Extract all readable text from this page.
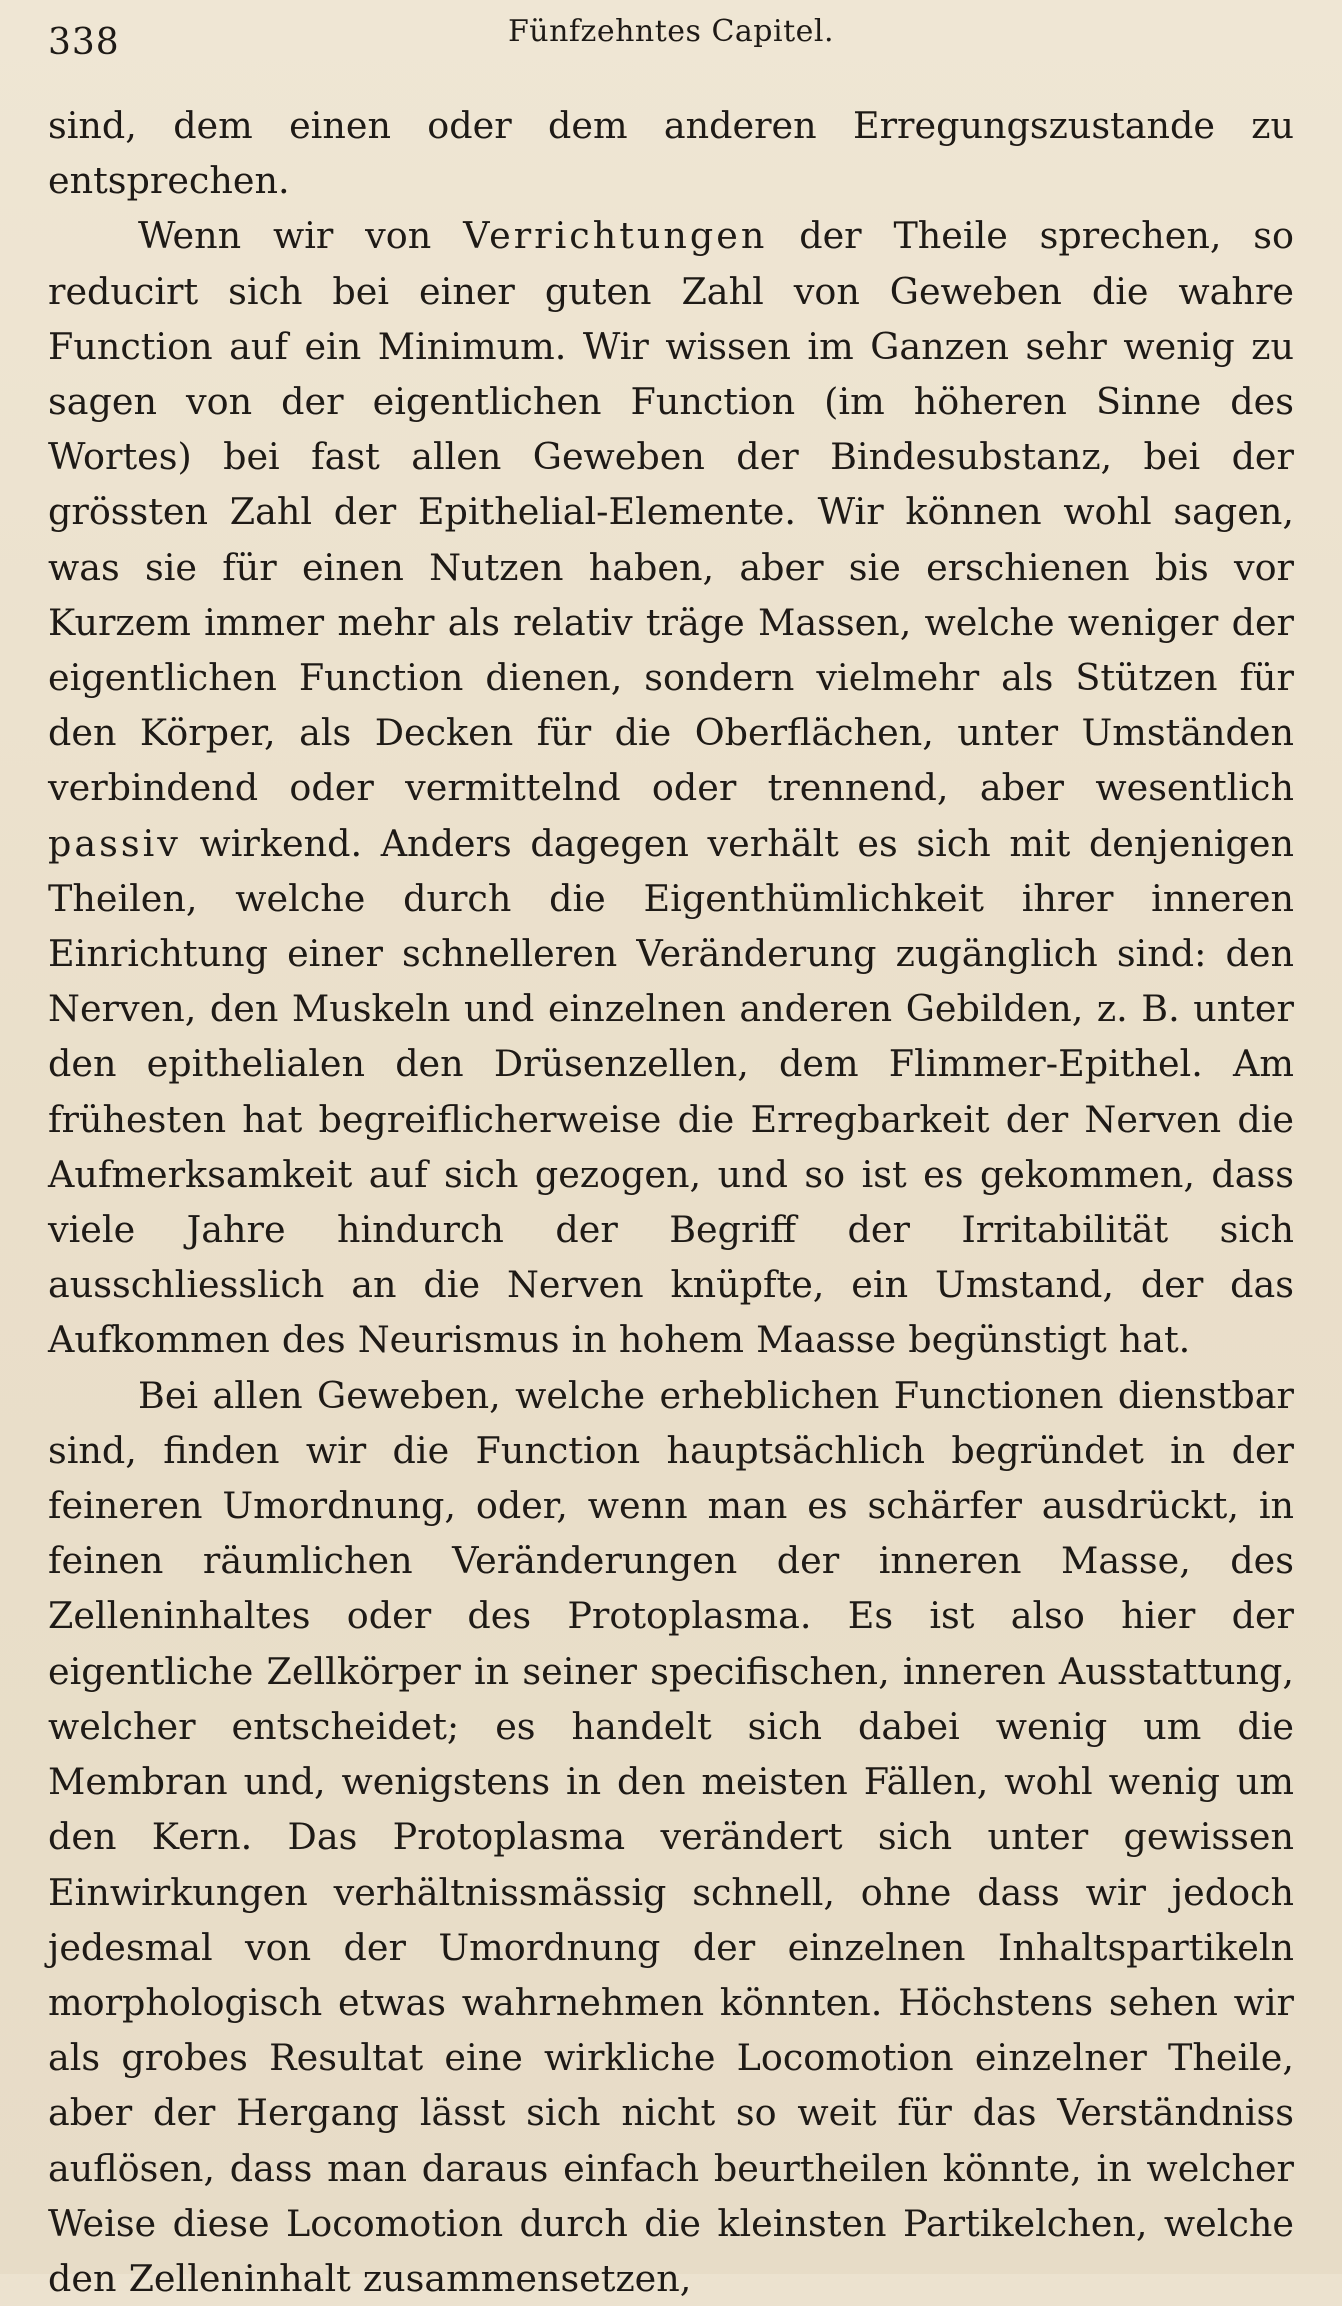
338	Fünfzehntes Capitel.

sind, dem einen oder dem anderen Erregungszustande zu entsprechen.

Wenn wir von Verrichtungen der Theile sprechen, so reducirt sich bei einer guten Zahl von Geweben die wahre Function auf ein Minimum. Wir wissen im Ganzen sehr wenig zu sagen von der eigentlichen Function (im höheren Sinne des Wortes) bei fast allen Geweben der Bindesubstanz, bei der grössten Zahl der Epithelial-Elemente. Wir können wohl sagen, was sie für einen Nutzen haben, aber sie erschienen bis vor Kurzem immer mehr als relativ träge Massen, welche weniger der eigentlichen Function dienen, sondern vielmehr als Stützen für den Körper, als Decken für die Oberflächen, unter Umständen verbindend oder vermittelnd oder trennend, aber wesentlich passiv wirkend. Anders dagegen verhält es sich mit denjenigen Theilen, welche durch die Eigenthümlichkeit ihrer inneren Einrichtung einer schnelleren Veränderung zugänglich sind: den Nerven, den Muskeln und einzelnen anderen Gebilden, z. B. unter den epithelialen den Drüsenzellen, dem Flimmer-Epithel. Am frühesten hat begreiflicherweise die Erregbarkeit der Nerven die Aufmerksamkeit auf sich gezogen, und so ist es gekommen, dass viele Jahre hindurch der Begriff der Irritabilität sich ausschliesslich an die Nerven knüpfte, ein Umstand, der das Aufkommen des Neurismus in hohem Maasse begünstigt hat.

Bei allen Geweben, welche erheblichen Functionen dienstbar sind, finden wir die Function hauptsächlich begründet in der feineren Umordnung, oder, wenn man es schärfer ausdrückt, in feinen räumlichen Veränderungen der inneren Masse, des Zelleninhaltes oder des Protoplasma. Es ist also hier der eigentliche Zellkörper in seiner specifischen, inneren Ausstattung, welcher entscheidet; es handelt sich dabei wenig um die Membran und, wenigstens in den meisten Fällen, wohl wenig um den Kern. Das Protoplasma verändert sich unter gewissen Einwirkungen verhältnissmässig schnell, ohne dass wir jedoch jedesmal von der Umordnung der einzelnen Inhaltspartikeln morphologisch etwas wahrnehmen könnten. Höchstens sehen wir als grobes Resultat eine wirkliche Locomotion einzelner Theile, aber der Hergang lässt sich nicht so weit für das Verständniss auflösen, dass man daraus einfach beurtheilen könnte, in welcher Weise diese Locomotion durch die kleinsten Partikelchen, welche den Zelleninhalt zusammensetzen,
